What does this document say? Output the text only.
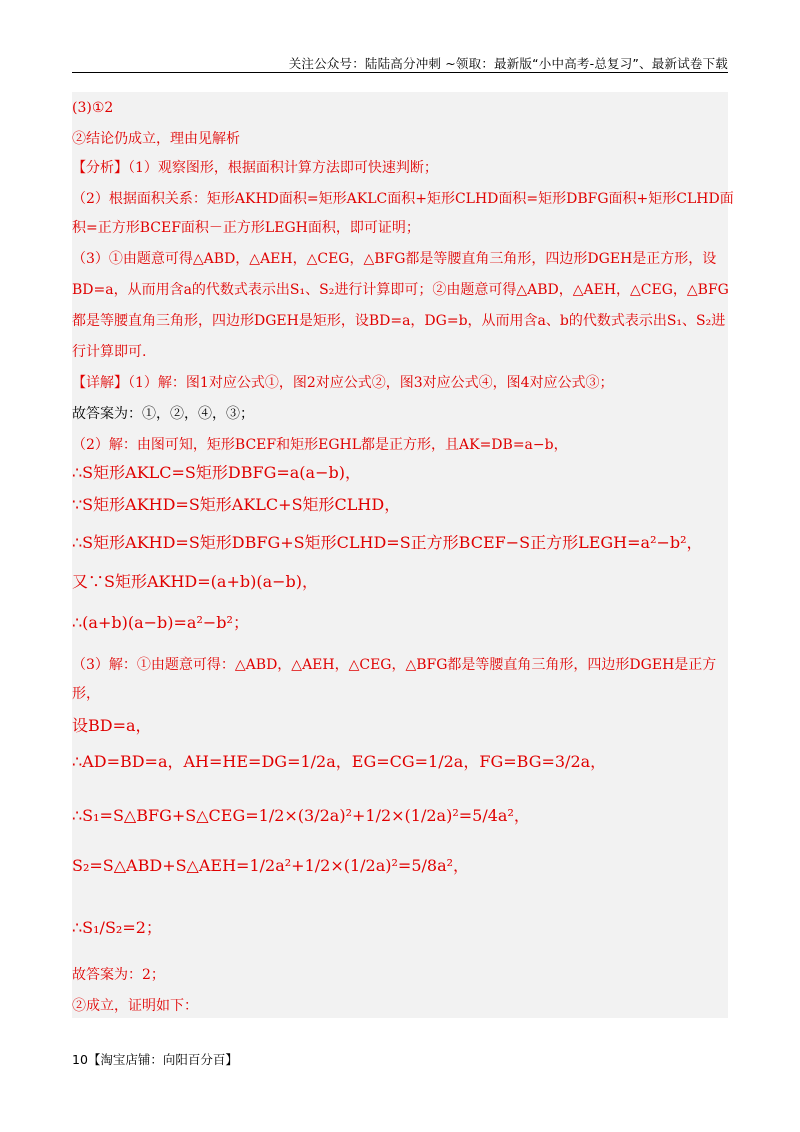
关注公众号：陆陆高分冲刺 ~领取：最新版“小中高考-总复习”、最新试卷下载
(3)①2
②结论仍成立，理由见解析
【分析】（1）观察图形，根据面积计算方法即可快速判断；
（2）根据面积关系：矩形AKHD面积=矩形AKLC面积+矩形CLHD面积=矩形DBFG面积+矩形CLHD面
积=正方形BCEF面积－正方形LEGH面积，即可证明；
（3）①由题意可得△ABD，△AEH，△CEG，△BFG都是等腰直角三角形，四边形DGEH是正方形，设
BD=a，从而用含a的代数式表示出S₁、S₂进行计算即可；②由题意可得△ABD，△AEH，△CEG，△BFG
都是等腰直角三角形，四边形DGEH是矩形，设BD=a，DG=b，从而用含a、b的代数式表示出S₁、S₂进
行计算即可.
【详解】（1）解：图1对应公式①，图2对应公式②，图3对应公式④，图4对应公式③；
故答案为：①，②，④，③；
（2）解：由图可知，矩形BCEF和矩形EGHL都是正方形，且AK=DB=a−b，
∴S矩形AKLC=S矩形DBFG=a(a−b)，
∵S矩形AKHD=S矩形AKLC+S矩形CLHD，
∴S矩形AKHD=S矩形DBFG+S矩形CLHD=S正方形BCEF−S正方形LEGH=a²−b²，
又∵S矩形AKHD=(a+b)(a−b)，
∴(a+b)(a−b)=a²−b²；
（3）解：①由题意可得：△ABD，△AEH，△CEG，△BFG都是等腰直角三角形，四边形DGEH是正方
形，
设BD=a，
∴AD=BD=a，AH=HE=DG=1/2a，EG=CG=1/2a，FG=BG=3/2a，
∴S₁=S△BFG+S△CEG=1/2×(3/2a)²+1/2×(1/2a)²=5/4a²，
S₂=S△ABD+S△AEH=1/2a²+1/2×(1/2a)²=5/8a²，
∴S₁/S₂=2；
故答案为：2；
②成立，证明如下：
10【淘宝店铺：向阳百分百】
